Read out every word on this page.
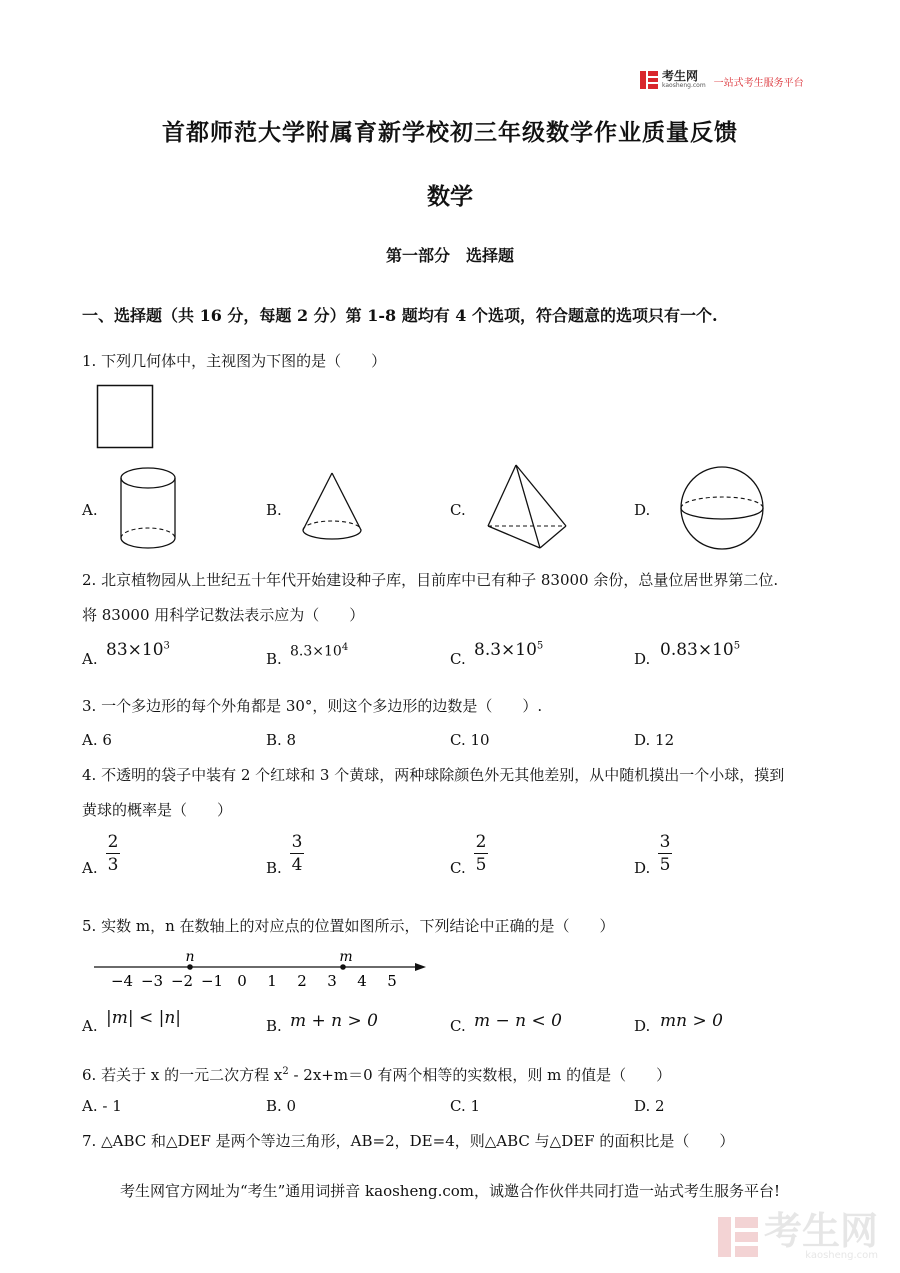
考生网
kaosheng.com 一站式考生服务平台
首都师范大学附属育新学校初三年级数学作业质量反馈
数学
第一部分　选择题
一、选择题（共 16 分，每题 2 分）第 1-8 题均有 4 个选项，符合题意的选项只有一个.
1. 下列几何体中，主视图为下图的是（　　）
A.	B.	C.	D.
2. 北京植物园从上世纪五十年代开始建设种子库，目前库中已有种子 83000 余份，总量位居世界第二位.
将 83000 用科学记数法表示应为（　　）
A. $83\times 10^3$
B. $8.3\times 10^4$
C. $8.3\times 10^5$
D. $0.83\times 10^5$
3. 一个多边形的每个外角都是 30°，则这个多边形的边数是（　　）.
A. 6	B. 8	C. 10	D. 12
4. 不透明的袋子中装有 2 个红球和 3 个黄球，两种球除颜色外无其他差别，从中随机摸出一个小球，摸到
黄球的概率是（　　）
A.
2
3	B.
3
4	C.
2
5	D.
3
5
5. 实数 m，n 在数轴上的对应点的位置如图所示，下列结论中正确的是（　　）
n	m
−4 −3 −2 −1 0 1 2 3 4 5
A. |m| < |n|	B. m + n > 0	C. m − n < 0	D. mn > 0
6. 若关于 x 的一元二次方程 $x^2 - 2x+m=0$ 有两个相等的实数根，则 m 的值是（　　）
A. - 1	B. 0	C. 1	D. 2
7. △ABC 和△DEF 是两个等边三角形，AB=2，DE=4，则△ABC 与△DEF 的面积比是（　　）
考生网官方网址为“考生”通用词拼音 kaosheng.com，诚邀合作伙伴共同打造一站式考生服务平台!
考生网
kaosheng.com
